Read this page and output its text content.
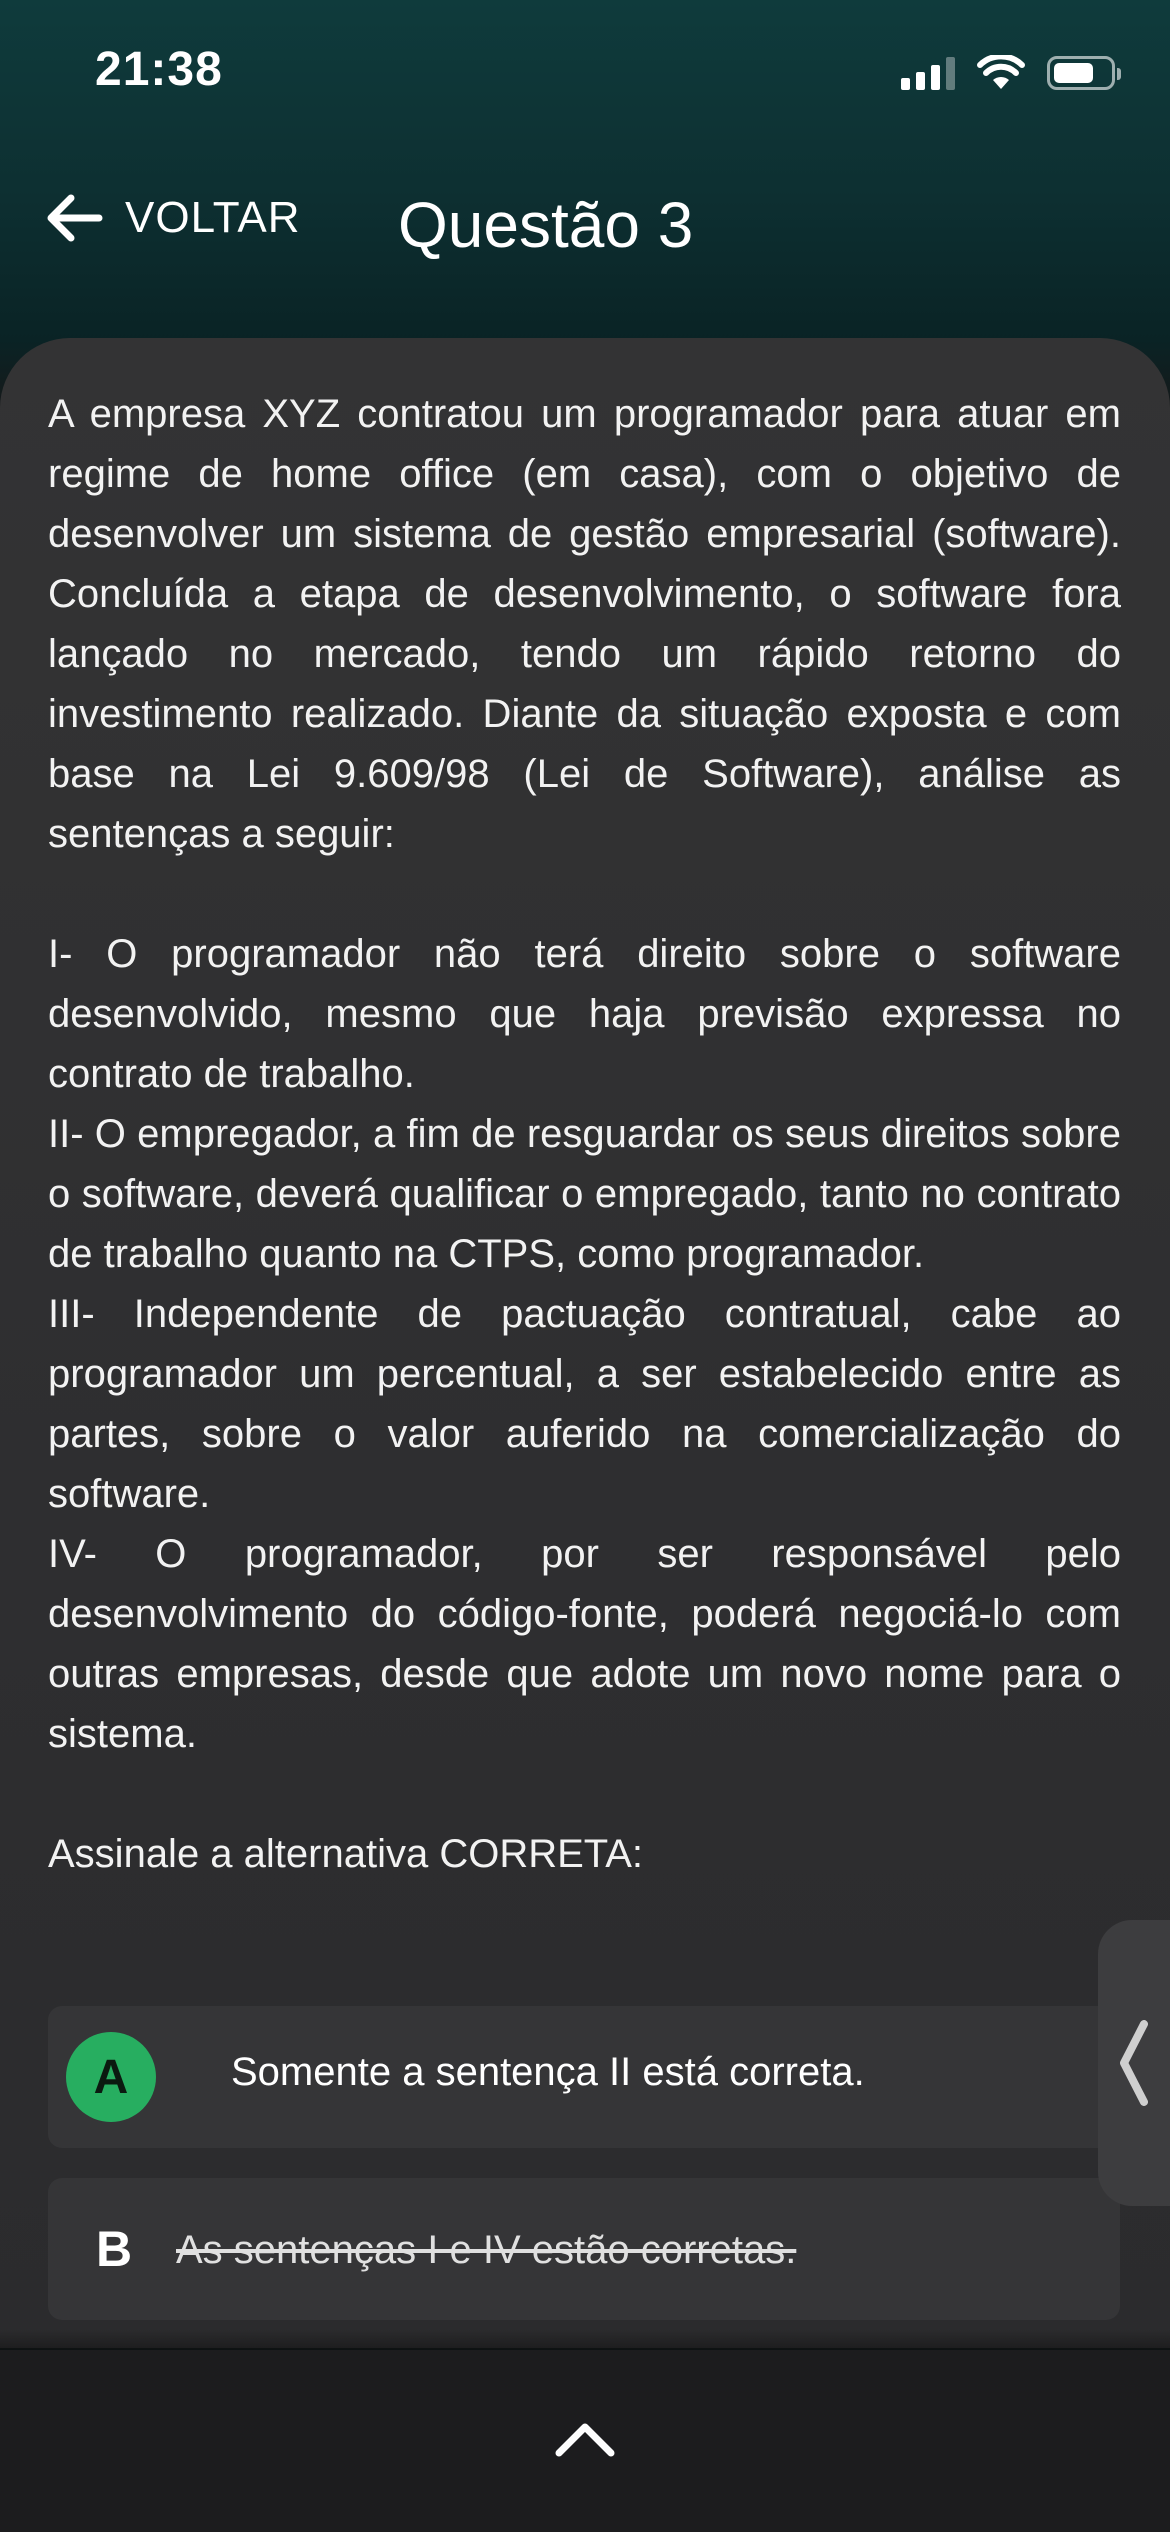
21:38
VOLTAR Questão 3

A empresa XYZ contratou um programador para atuar em regime de home office (em casa), com o objetivo de desenvolver um sistema de gestão empresarial (software). Concluída a etapa de desenvolvimento, o software fora lançado no mercado, tendo um rápido retorno do investimento realizado. Diante da situação exposta e com base na Lei 9.609/98 (Lei de Software), análise as sentenças a seguir:

I- O programador não terá direito sobre o software desenvolvido, mesmo que haja previsão expressa no contrato de trabalho.

II- O empregador, a fim de resguardar os seus direitos sobre o software, deverá qualificar o empregado, tanto no contrato de trabalho quanto na CTPS, como programador.

III- Independente de pactuação contratual, cabe ao programador um percentual, a ser estabelecido entre as partes, sobre o valor auferido na comercialização do software.

IV- O programador, por ser responsável pelo desenvolvimento do código-fonte, poderá negociá-lo com outras empresas, desde que adote um novo nome para o sistema.

Assinale a alternativa CORRETA:

A	Somente a sentença II está correta.
B As sentenças I e IV estão corretas.
